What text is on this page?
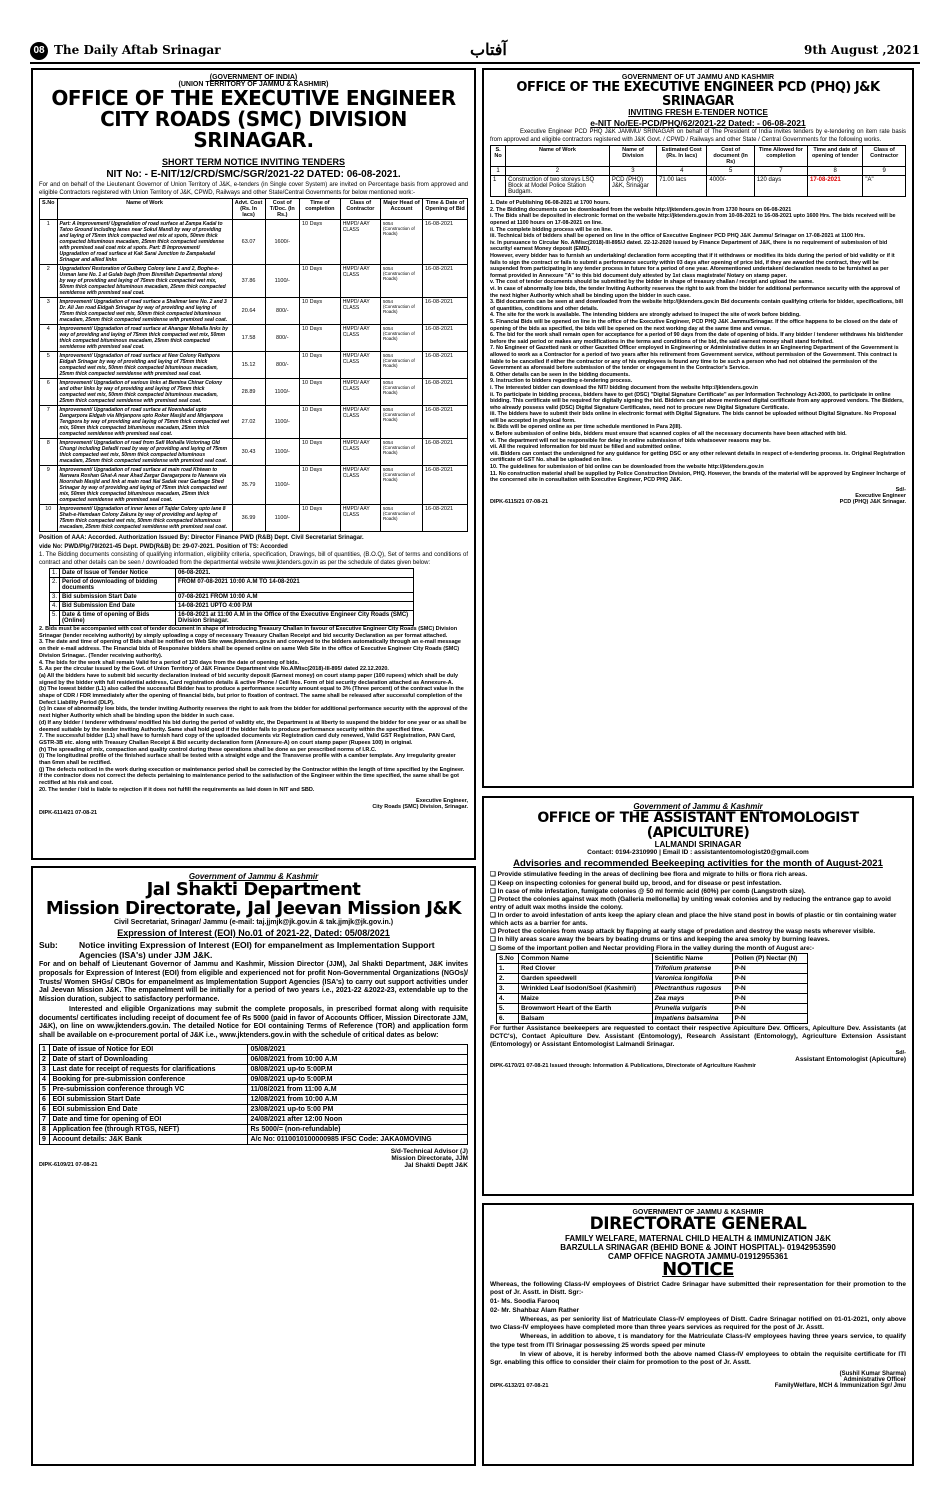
08 The Daily Aftab Srinagar	آفتاب	9th August ,2021
(GOVERNMENT OF INDIA)
(UNION TERRITORY OF JAMMU & KASHMIR)
OFFICE OF THE EXECUTIVE ENGINEER
CITY ROADS (SMC) DIVISION SRINAGAR.
SHORT TERM NOTICE INVITING TENDERS
NIT No: - E-NIT/12/CRD/SMC/SGR/2021-22 DATED: 06-08-2021.
For and on behalf of the Lieutenant Governor of Union Territory of J&K, e-tenders (in Single cover System) are invited on Percentage basis from approved and eligible Contractors registered with Union Territory of J&K, CPWD, Railways and other State/Central Governments for below mentioned work:-
S.No	Name of Work	Advt. Cost (Rs. In lacs)	Cost of T/Doc. (In Rs.)	Time of completion	Class of Contractor	Major Head of Account	Time & Date of Opening of Bid
1	Part: A Improvement/ Upgradation of road surface at Zampa Kadal to Tatoo Ground including lanes near Sokul Mandi by way of providing and laying of 75mm thick compacted wet mix at spots, 50mm thick compacted bituminous macadam, 25mm thick compacted semidense with premixed seal coat mix at spots. Part: B Improvement/ Upgradation of road surface at Kak Sarai Junction to Zampakadal Srinagar and allied links	63.07	1600/-	10 Days	HMPD/ AAY CLASS	5054 (Construction of Roads)	16-08-2021
2	Upgradation/ Restoration of Gulberg Colony lane 1 and 2, Boghe-e-Usman lane No. 1 at Gulab bagh (from Bismillah Departmental store) by way of providing and laying of 75mm thick compacted wet mix, 50mm thick compacted bituminous macadam, 25mm thick compacted semidense with premixed seal coat.	37.86	1100/-	10 Days	HMPD/ AAY CLASS	5054 (Construction of Roads)	16-08-2021
3	Improvement/ Upgradation of road surface a Shalimar lane No. 2 and 3 Dr. Ali Jan road Eidgah Srinagar by way of providing and laying of 75mm thick compacted wet mix, 50mm thick compacted bituminous macadam, 25mm thick compacted semidense with premixed seal coat.	20.64	800/-	10 Days	HMPD/ AAY CLASS	5054 (Construction of Roads)	16-08-2021
4	Improvement/ Upgradation of road surface at Ahangar Mohalla links by way of providing and laying of 75mm thick compacted wet mix, 50mm thick compacted bituminous macadam, 25mm thick compacted semidense with premixed seal coat.	17.58	800/-	10 Days	HMPD/ AAY CLASS	5054 (Construction of Roads)	16-08-2021
5	Improvement/ Upgradation of road surface at New Colony Rathpora Eidgah Srinagar by way of providing and laying of 75mm thick compacted wet mix, 50mm thick compacted bituminous macadam, 25mm thick compacted semidense with premixed seal coat.	15.12	800/-	10 Days	HMPD/ AAY CLASS	5054 (Construction of Roads)	16-08-2021
6	Improvement/ Upgradation of various links at Bemina Chinar Colony and other links by way of providing and laying of 75mm thick compacted wet mix, 50mm thick compacted bituminous macadam, 25mm thick compacted semidense with premixed seal coat.	28.89	1100/-	10 Days	HMPD/ AAY CLASS	5054 (Construction of Roads)	16-08-2021
7	Improvement/ Upgradation of road surface at Nowshadal upto Dangarpora Eidgah via Mirjanpora upto Roker Masjid and Mirjanpora Tengpora by way of providing and laying of 75mm thick compacted wet mix, 50mm thick compacted bituminous macadam, 25mm thick compacted semidense with premixed seal coat.	27.02	1100/-	10 Days	HMPD/ AAY CLASS	5054 (Construction of Roads)	16-08-2021
8	Improvement/ Upgradation of road from Safi Mohalla Victorinag Old Chungi including Defadil road by way of providing and laying of 75mm thick compacted wet mix, 50mm thick compacted bituminous macadam, 25mm thick compacted semidense with premixed seal coat.	30.43	1100/-	10 Days	HMPD/ AAY CLASS	5054 (Construction of Roads)	16-08-2021
9	Improvement/ Upgradation of road surface at main road Khiwan to Narwara Roshan Ghat-A near Ahad Zargar Daragarpora to Narwara via Noorshah Masjid and link at main road Nai Sadak near Garbage Shed Srinagar by way of providing and laying of 75mm thick compacted wet mix, 50mm thick compacted bituminous macadam, 25mm thick compacted semidense with premixed seal coat.	35.79	1100/-	10 Days	HMPD/ AAY CLASS	5054 (Construction of Roads)	16-08-2021
10	Improvement/ Upgradation of inner lanes of Tajdar Colony upto lane 8 Shah-e-Hamdaan Colony Zakura by way of providing and laying of 75mm thick compacted wet mix, 50mm thick compacted bituminous macadam, 25mm thick compacted semidense with premixed seal coat.	36.99	1100/-	10 Days	HMPD/ AAY CLASS	5054 (Construction of Roads)	16-08-2021
Position of AAA: Accorded. Authorization Issued By: Director Finance PWD (R&B) Dept. Civil Secretariat Srinagar.
vide No: PWD/Plg/79/2021-45 Dept. PWD(R&B) Dt: 29-07-2021. Position of TS: Accorded
1. The Bidding documents consisting of qualifying information, eligibility criteria, specification, Drawings, bill of quantities, (B.O.Q), Set of terms and conditions of contract and other details can be seen / downloaded from the departmental website www.jktenders.gov.in as per the schedule of dates given below:
1.	Date of Issue of Tender Notice	06-08-2021.
2.	Period of downloading of bidding documents	FROM 07-08-2021 10:00 A.M TO 14-08-2021
3.	Bid submission Start Date	07-08-2021 FROM 10:00 A.M
4.	Bid Submission End Date	14-08-2021 UPTO 4:00 P.M
5.	Date & time of opening of Bids (Online)	16-08-2021 at 11:00 A.M in the Office of the Executive Engineer City Roads (SMC) Division Srinagar.
2. Bids must be accompanied with cost of tender document in shape of introducing Treasury Challan in favour of Executive Engineer City Roads (SMC) Division Srinagar (tender receiving authority) by simply uploading a copy of necessary Treasury Challan Receipt and bid security Declaration as per format attached.
3. The date and time of opening of Bids shall be notified on Web Site www.jktenders.gov.in and conveyed to the bidders automatically through an e-mail message on their e-mail address. The Financial bids of Responsive bidders shall be opened online on same Web Site in the office of Executive Engineer City Roads (SMC) Division Srinagar.. (Tender receiving authority).
4. The bids for the work shall remain Valid for a period of 120 days from the date of opening of bids.
5. As per the circular issued by the Govt. of Union Territory of J&K Finance Department vide No.A/Misc(2018)-III-895/ dated 22.12.2020.
(a) All the bidders have to submit bid security declaration instead of bid security deposit (Earnest money) on court stamp paper (100 rupees) which shall be duly signed by the bidder with full residential address, Card registration details & active Phone / Cell Nos. Form of bid security declaration attached as Annexure-A.
(b) The lowest bidder (L1) also called the successful Bidder has to produce a performance security amount equal to 3% (Three percent) of the contract value in the shape of CDR / FDR immediately after the opening of financial bids, but prior to fixation of contract. The same shall be released after successful completion of the Defect Liability Period (DLP).
(c) In case of abnormally low bids, the tender inviting Authority reserves the right to ask from the bidder for additional performance security with the approval of the next higher Authority which shall be binding upon the bidder in such case.
(d) If any bidder / tenderer withdraws/ modified his bid during the period of validity etc, the Department is at liberty to suspend the bidder for one year or as shall be deemed suitable by the tender inviting Authority. Same shall hold good if the bidder fails to produce performance security within the specified time.
7. The successful bidder (L1) shall have to furnish hard copy of the uploaded documents viz Registration card duly renewed, Valid GST Registration, PAN Card, GSTR-3B etc. along with Treasury Challan Receipt & Bid security declaration form (Annexure-A) on court stamp paper (Rupees 100) in original.
(h) The spreading of mix, compaction and quality control during these operations shall be done as per prescribed norms of I.R.C.
(i) The longitudinal profile of the finished surface shall be tested with a straight edge and the Transverse profile with a camber template. Any irregularity greater than 6mm shall be rectified.
(j) The defects noticed in the work during execution or maintenance period shall be corrected by the Contractor within the length of time specified by the Engineer. If the contractor does not correct the defects pertaining to maintenance period to the satisfaction of the Engineer within the time specified, the same shall be got rectified at his risk and cost.
20. The tender / bid is liable to rejection if it does not fulfill the requirements as laid down in NIT and SBD.
Executive Engineer,
City Roads (SMC) Division, Srinagar.
DIPK-6114/21 07-08-21
Government of Jammu & Kashmir
Jal Shakti Department
Mission Directorate, Jal Jeevan Mission J&K
Civil Secretariat, Srinagar/ Jammu (e-mail: taj.jjmjk@jk.gov.in & tak.jjmjk@jk.gov.in.)
Expression of Interest (EOI) No.01 of 2021-22, Dated: 05/08/2021
Sub:	Notice inviting Expression of Interest (EOI) for empanelment as Implementation Support Agencies (ISA's) under JJM J&K.
For and on behalf of Lieutenant Governor of Jammu and Kashmir, Mission Director (JJM), Jal Shakti Department, J&K invites proposals for Expression of Interest (EOI) from eligible and experienced not for profit Non-Governmental Organizations (NGOs)/ Trusts/ Women SHGs/ CBOs for empanelment as Implementation Support Agencies (ISA's) to carry out support activities under Jal Jeevan Mission J&K. The empanelment will be initially for a period of two years i.e., 2021-22 &2022-23, extendable up to the Mission duration, subject to satisfactory performance.
Interested and eligible Organizations may submit the complete proposals, in prescribed format along with requisite documents/ certificates including receipt of document fee of Rs 5000 (paid in favor of Accounts Officer, Mission Directorate JJM, J&K), on line on www.jktenders.gov.in. The detailed Notice for EOI containing Terms of Reference (TOR) and application form shall be available on e-procurement portal of J&K i.e., www.jktenders.gov.in with the schedule of critical dates as below:
1	Date of issue of Notice for EOI	05/08/2021
2	Date of start of Downloading	06/08/2021 from 10:00 A.M
3	Last date for receipt of requests for clarifications	08/08/2021 up-to 5:00P.M
4	Booking for pre-submission conference	09/08/2021 up-to 5:00P.M
5	Pre-submission conference through VC	11/08/2021 from 11:00 A.M
6	EOI submission Start Date	12/08/2021 from 10:00 A.M
6	EOI submission End Date	23/08/2021 up-to 5:00 PM
7	Date and time for opening of EOI	24/08/2021 after 12:00 Noon
8	Application fee (through RTGS, NEFT)	Rs 5000/= (non-refundable)
9	Account details: J&K Bank	A/c No: 0110010100000985 IFSC Code: JAKA0MOVING
S/d-Technical Advisor (J)
Mission Directorate, JJM
DIPK-6109/21 07-08-21	Jal Shakti Deptt J&K
GOVERNMENT OF UT JAMMU AND KASHMIR
OFFICE OF THE EXECUTIVE ENGINEER PCD (PHQ) J&K SRINAGAR
INVITING FRESH E-TENDER NOTICE
e-NIT No/EE-PCD/PHQ/62/2021-22 Dated: - 06-08-2021
Executive Engineer PCD PHQ J&K JAMMU/ SRINAGAR on behalf of The President of India invites tenders by e-tendering on item rate basis from approved and eligible contractors registered with J&K Govt. / CPWD / Railways and other State / Central Governments for the following works.
S. No	Name of Work	Name of Division	Estimated Cost (Rs. In lacs)	Cost of document (In Rs)	Time Allowed for completion	Time and date of opening of tender	Class of Contractor
1	2	3	4	5	7	8	9
1	Construction of two storeys LSQ Block at Model Police Station Budgam.	PCD (PHQ) J&K, Srinagar	71.00 lacs	4000/-	120 days	17-08-2021	"A"
1. Date of Publishing 06-08-2021 at 1700 hours.
2. The Bidding documents can be downloaded from the website http://jktenders.gov.in from 1730 hours on 06-08-2021
i. The Bids shall be deposited in electronic format on the website http://jktenders.gov.in from 10-08-2021 to 16-08-2021 upto 1600 Hrs. The bids received will be opened at 1100 hours on 17-08-2021 on line.
ii. The complete bidding process will be on line.
iii. Technical bids of bidders shall be opened on line in the office of Executive Engineer PCD PHQ J&K Jammu/ Srinagar on 17-08-2021 at 1100 Hrs.
iv. In pursuance to Circular No. A/Misc(2018)-III-895/J dated. 22-12-2020 issued by Finance Department of J&K, there is no requirement of submission of bid security/ earnest Money deposit (EMD).
However, every bidder has to furnish an undertaking/ declaration form accepting that if it withdraws or modifies its bids during the period of bid validity or if it fails to sign the contract or fails to submit a performance security within 03 days after opening of price bid, if they are awarded the contract, they will be suspended from participating in any tender process in future for a period of one year. Aforementioned undertaken/ declaration needs to be furnished as per format provided in Annexure "A" to this bid document duly attested by 1st class magistrate/ Notary on stamp paper.
v. The cost of tender documents should be submitted by the bidder in shape of treasury challan / receipt and upload the same.
vi. In case of abnormally low bids, the tender Inviting Authority reserves the right to ask from the bidder for additional performance security with the approval of the next higher Authority which shall be binding upon the bidder in such case.
3. Bid documents can be seen at and downloaded from the website http://jktenders.gov.in Bid documents contain qualifying criteria for bidder, specifications, bill of quantities, conditions and other details.
4. The site for the work is available. The intending bidders are strongly advised to inspect the site of work before bidding.
5. Financial Bids will be opened on line in the office of the Executive Engineer, PCD PHQ J&K Jammu/Srinagar. If the office happens to be closed on the date of opening of the bids as specified, the bids will be opened on the next working day at the same time and venue.
6. The bid for the work shall remain open for acceptance for a period of 90 days from the date of opening of bids. If any bidder / tenderer withdraws his bid/tender before the said period or makes any modifications in the terms and conditions of the bid, the said earnest money shall stand forfeited.
7. No Engineer of Gazetted rank or other Gazetted Officer employed in Engineering or Administrative duties in an Engineering Department of the Government is allowed to work as a Contractor for a period of two years after his retirement from Government service, without permission of the Government. This contract is liable to be cancelled if either the contractor or any of his employees is found any time to be such a person who had not obtained the permission of the Government as aforesaid before submission of the tender or engagement in the Contractor's Service.
8. Other details can be seen in the bidding documents.
9. Instruction to bidders regarding e-tendering process.
i. The interested bidder can download the NIT/ bidding document from the website http://jktenders.gov.in
ii. To participate in bidding process, bidders have to get (DSC) "Digital Signature Certificate" as per Information Technology Act-2000, to participate in online bidding. This certificate will be required for digitally signing the bid. Bidders can get above mentioned digital certificate from any approved vendors. The Bidders, who already possess valid (DSC) Digital Signature Certificates, need not to procure new Digital Signature Certificate.
iii. The bidders have to submit their bids online in electronic format with Digital Signature. The bids cannot be uploaded without Digital Signature. No Proposal will be accepted in physical form.
iv. Bids will be opened online as per time schedule mentioned in Para 2(III).
v. Before submission of online bids, bidders must ensure that scanned copies of all the necessary documents have been attached with bid.
vi. The department will not be responsible for delay in online submission of bids whatsoever reasons may be.
vii. All the required information for bid must be filled and submitted online.
viii. Bidders can contact the undersigned for any guidance for getting DSC or any other relevant details in respect of e-tendering process. ix. Original Registration certificate of GST No. shall be uploaded on line.
10. The guidelines for submission of bid online can be downloaded from the website http://jktenders.gov.in
11. No construction material shall be supplied by Police Construction Division, PHQ. However, the brands of the material will be approved by Engineer Incharge of the concerned site in consultation with Executive Engineer, PCD PHQ J&K.
Sd/-
Executive Engineer
DIPK-6115/21 07-08-21	PCD (PHQ) J&K Srinagar.
Government of Jammu & Kashmir
OFFICE OF THE ASSISTANT ENTOMOLOGIST (APICULTURE)
LALMANDI SRINAGAR
Contact: 0194-2310990 | Email ID : assistantentomologist20@gmail.com
Advisories and recommended Beekeeping activities for the month of August-2021
❏ Provide stimulative feeding in the areas of declining bee flora and migrate to hills or flora rich areas.
❏ Keep on inspecting colonies for general build up, brood, and for disease or pest infestation.
❏ In case of mite infestation, fumigate colonies @ 50 ml formic acid (60%) per comb (Langstroth size).
❏ Protect the colonies against wax moth (Galleria mellonella) by uniting weak colonies and by reducing the entrance gap to avoid entry of adult wax moths inside the colony.
❏ In order to avoid infestation of ants keep the apiary clean and place the hive stand post in bowls of plastic or tin containing water which acts as a barrier for ants.
❏ Protect the colonies from wasp attack by flapping at early stage of predation and destroy the wasp nests wherever visible.
❏ In hilly areas scare away the bears by beating drums or tins and keeping the area smoky by burning leaves.
❏ Some of the important pollen and Nectar providing Flora in the valley during the month of August are:-
S.No	Common Name	Scientific Name	Pollen (P) Nectar (N)
1.	Red Clover	Trifolium pratense	P-N
2.	Garden speedwell	Veronica longifolia	P-N
3.	Wrinkled Leaf Isodon/Soel (Kashmiri)	Plectranthus rugosus	P-N
4.	Maize	Zea mays	P-N
5.	Brownwort Heart of the Earth	Prunella vulgaris	P-N
6.	Balsam	Impatiens balsamina	P-N
For further Assistance beekeepers are requested to contact their respective Apiculture Dev. Officers, Apiculture Dev. Assistants (at DCTC's), Contact Apiculture Dev. Assistant (Entomology), Research Assistant (Entomology), Agriculture Extension Assistant (Entomology) or Assistant Entomologist Lalmandi Srinagar.
Sd/-
Assistant Entomologist (Apiculture)
DIPK-6170/21 07-08-21 Issued through: Information & Publications, Directorate of Agriculture Kashmir
GOVERNMENT OF JAMMU & KASHMIR
DIRECTORATE GENERAL
FAMILY WELFARE, MATERNAL CHILD HEALTH & IMMUNIZATION J&K
BARZULLA SRINAGAR (BEHID BONE & JOINT HOSPITAL)- 01942953590
CAMP OFFICE NAGROTA JAMMU-01912955361
NOTICE
Whereas, the following Class-IV employees of District Cadre Srinagar have submitted their representation for their promotion to the post of Jr. Asstt. in Distt. Sgr:-
01- Ms. Soodia Farooq
02- Mr. Shahbaz Alam Rather
Whereas, as per seniority list of Matriculate Class-IV employees of Distt. Cadre Srinagar notified on 01-01-2021, only above two Class-IV employees have completed more than three years services as required for the post of Jr. Asstt.
Whereas, in addition to above, t is mandatory for the Matriculate Class-IV employees having three years service, to qualify the type test from ITI Srinagar possessing 25 words speed per minute
In view of above, it is hereby informed both the above named Class-IV employees to obtain the requisite certificate for ITI Sgr. enabling this office to consider their claim for promotion to the post of Jr. Asstt.
(Sushil Kumar Sharma)
Administrative Officer
DIPK-6132/21 07-08-21	FamilyWelfare, MCH & Immunization Sgr/ Jmu
